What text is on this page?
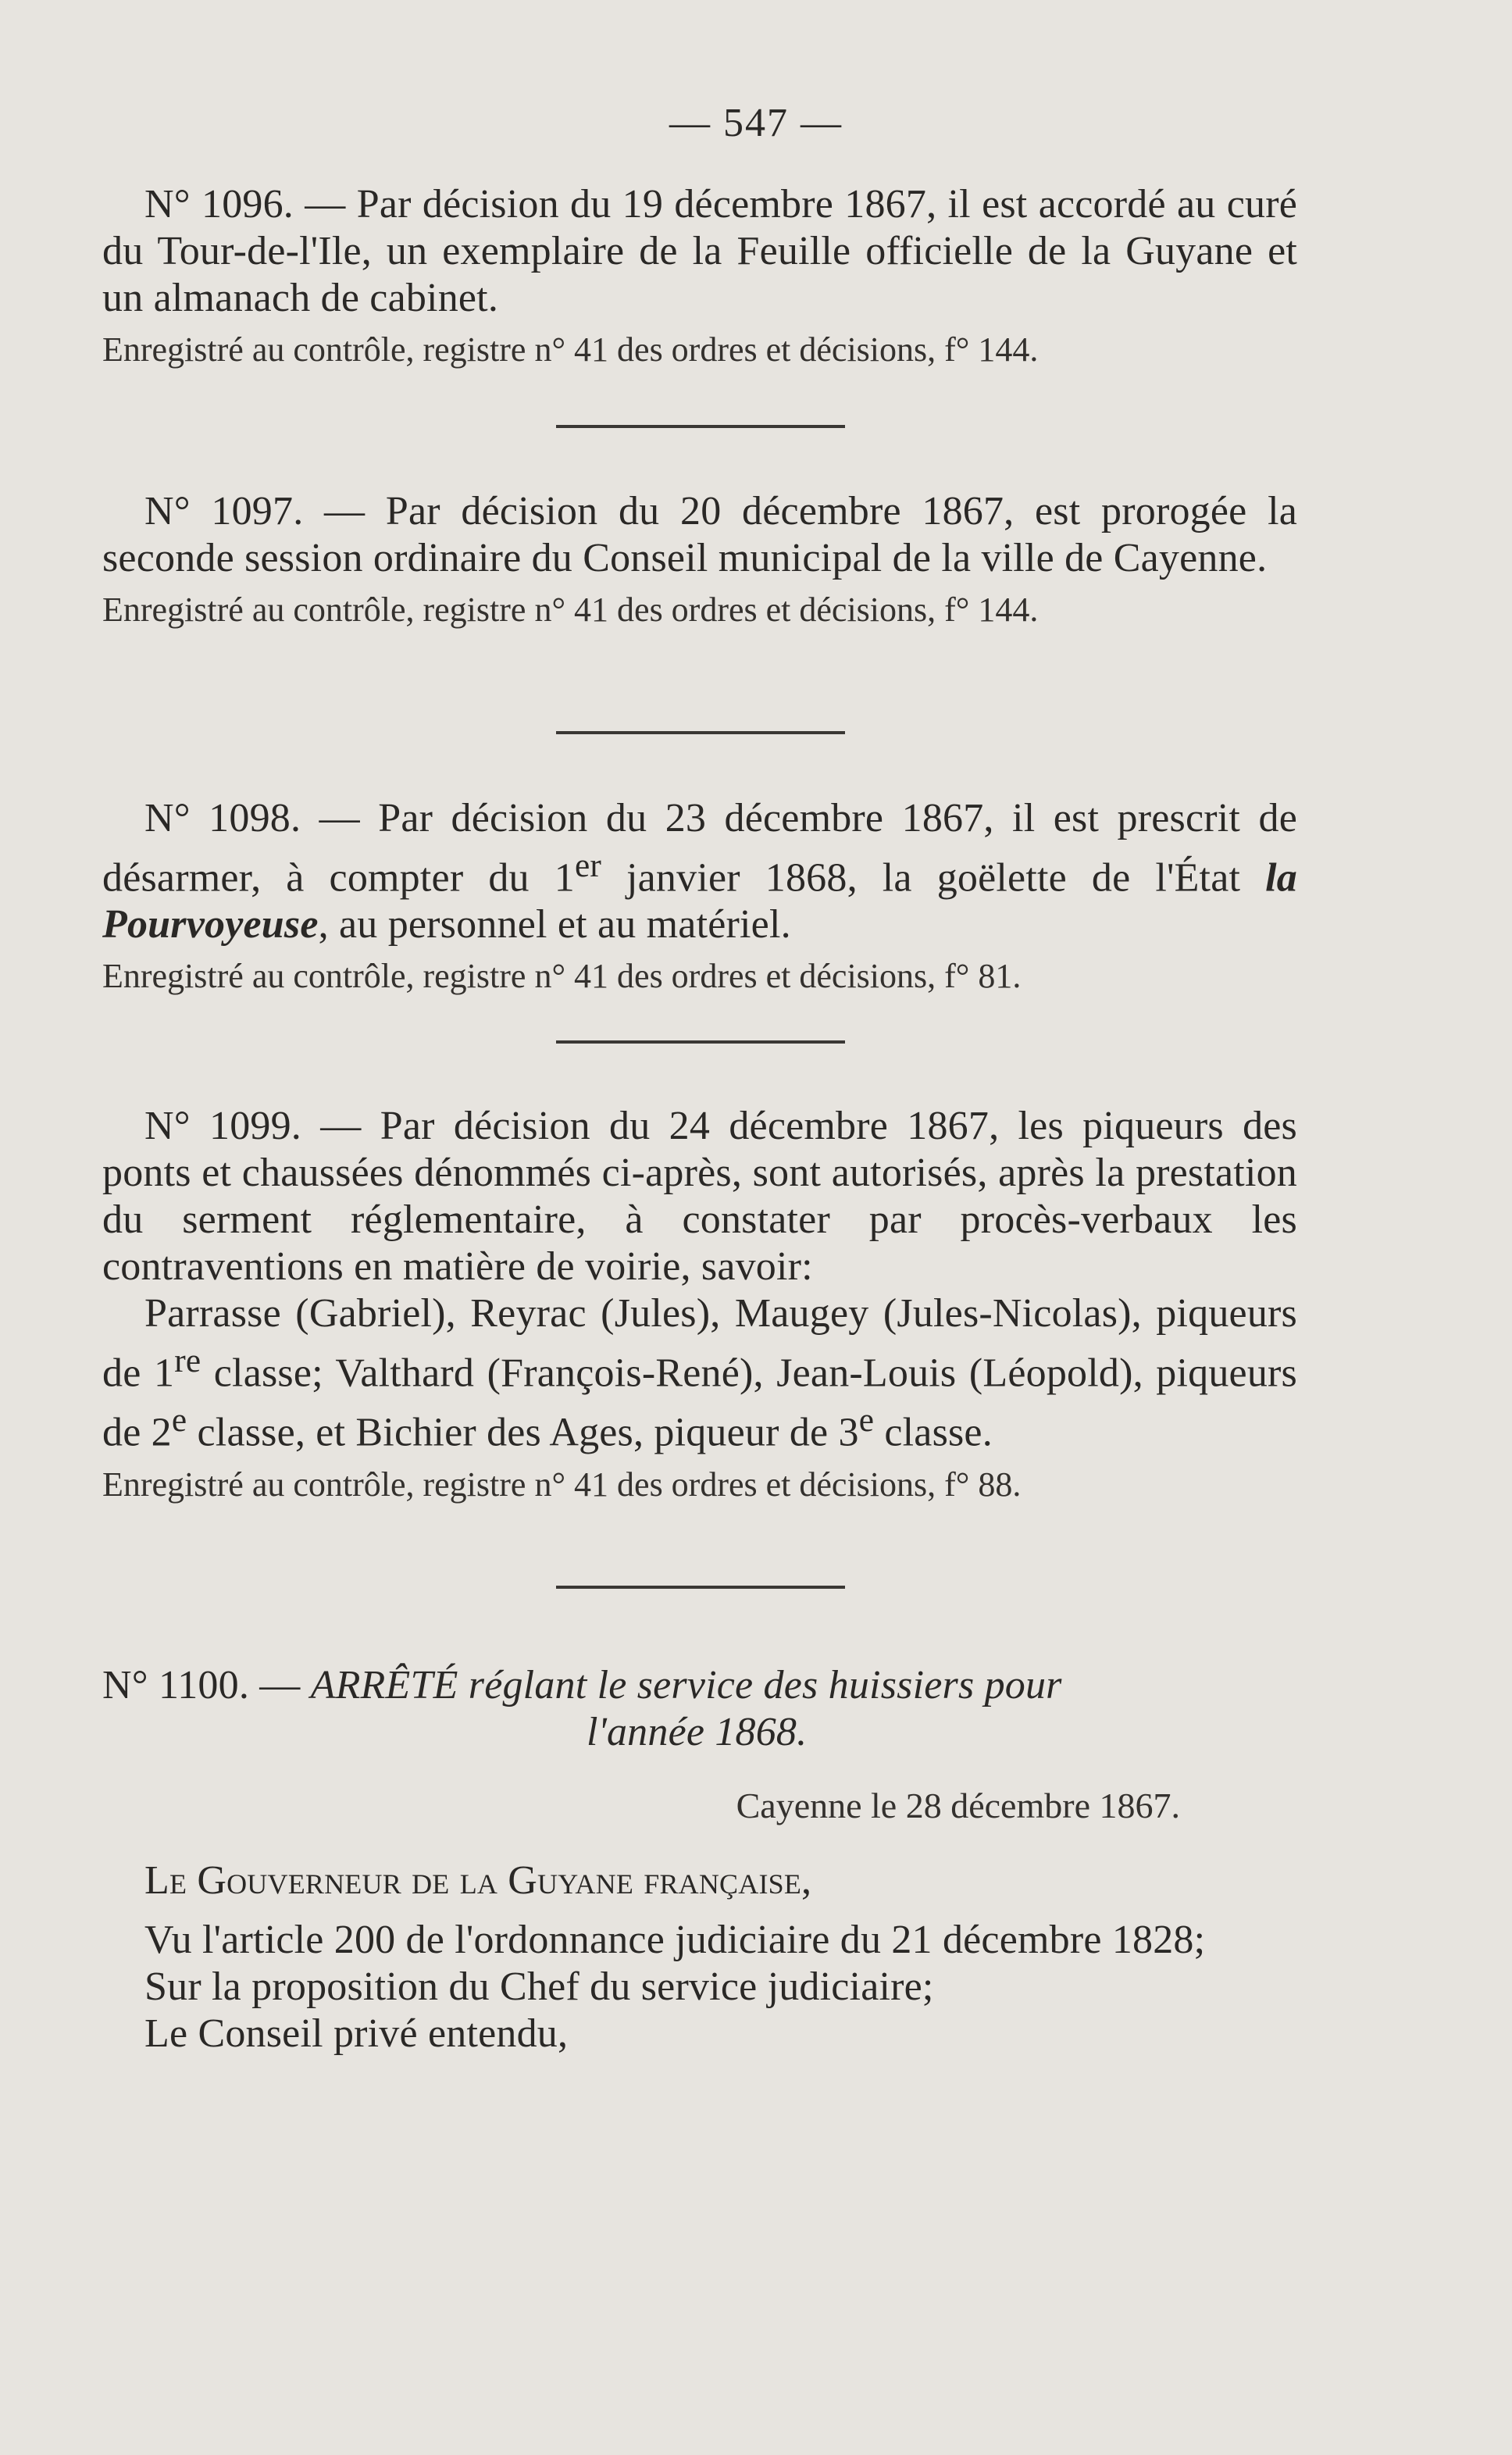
— 547 —
N° 1096. — Par décision du 19 décembre 1867, il est accordé au curé du Tour-de-l'Ile, un exemplaire de la Feuille officielle de la Guyane et un almanach de cabinet.
Enregistré au contrôle, registre n° 41 des ordres et décisions, f° 144.
N° 1097. — Par décision du 20 décembre 1867, est prorogée la seconde session ordinaire du Conseil municipal de la ville de Cayenne.
Enregistré au contrôle, registre n° 41 des ordres et décisions, f° 144.
N° 1098. — Par décision du 23 décembre 1867, il est prescrit de désarmer, à compter du 1er janvier 1868, la goëlette de l'État la Pourvoyeuse, au personnel et au matériel.
Enregistré au contrôle, registre n° 41 des ordres et décisions, f° 81.
N° 1099. — Par décision du 24 décembre 1867, les piqueurs des ponts et chaussées dénommés ci-après, sont autorisés, après la prestation du serment réglementaire, à constater par procès-verbaux les contraventions en matière de voirie, savoir:
Parrasse (Gabriel), Reyrac (Jules), Maugey (Jules-Nicolas), piqueurs de 1re classe; Valthard (François-René), Jean-Louis (Léopold), piqueurs de 2e classe, et Bichier des Ages, piqueur de 3e classe.
Enregistré au contrôle, registre n° 41 des ordres et décisions, f° 88.
N° 1100. — ARRÊTÉ réglant le service des huissiers pour
l'année 1868.
Cayenne le 28 décembre 1867.
Le Gouverneur de la Guyane française,
Vu l'article 200 de l'ordonnance judiciaire du 21 décembre 1828;
Sur la proposition du Chef du service judiciaire;
Le Conseil privé entendu,
